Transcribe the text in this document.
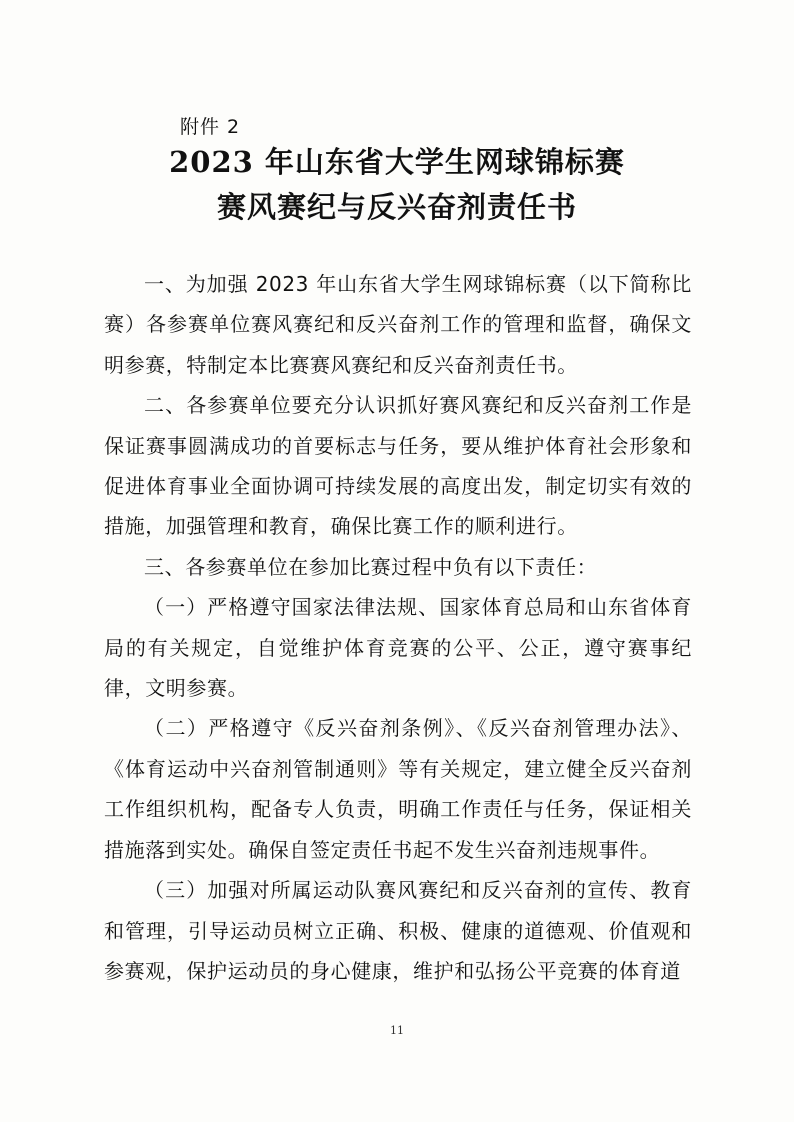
附件 2
2023 年山东省大学生网球锦标赛
赛风赛纪与反兴奋剂责任书

一、为加强 2023 年山东省大学生网球锦标赛（以下简称比赛）各参赛单位赛风赛纪和反兴奋剂工作的管理和监督，确保文明参赛，特制定本比赛赛风赛纪和反兴奋剂责任书。

二、各参赛单位要充分认识抓好赛风赛纪和反兴奋剂工作是保证赛事圆满成功的首要标志与任务，要从维护体育社会形象和促进体育事业全面协调可持续发展的高度出发，制定切实有效的措施，加强管理和教育，确保比赛工作的顺利进行。

三、各参赛单位在参加比赛过程中负有以下责任：

（一）严格遵守国家法律法规、国家体育总局和山东省体育局的有关规定，自觉维护体育竞赛的公平、公正，遵守赛事纪律，文明参赛。

（二）严格遵守《反兴奋剂条例》、《反兴奋剂管理办法》、《体育运动中兴奋剂管制通则》等有关规定，建立健全反兴奋剂工作组织机构，配备专人负责，明确工作责任与任务，保证相关措施落到实处。确保自签定责任书起不发生兴奋剂违规事件。

（三）加强对所属运动队赛风赛纪和反兴奋剂的宣传、教育和管理，引导运动员树立正确、积极、健康的道德观、价值观和参赛观，保护运动员的身心健康，维护和弘扬公平竞赛的体育道

11
